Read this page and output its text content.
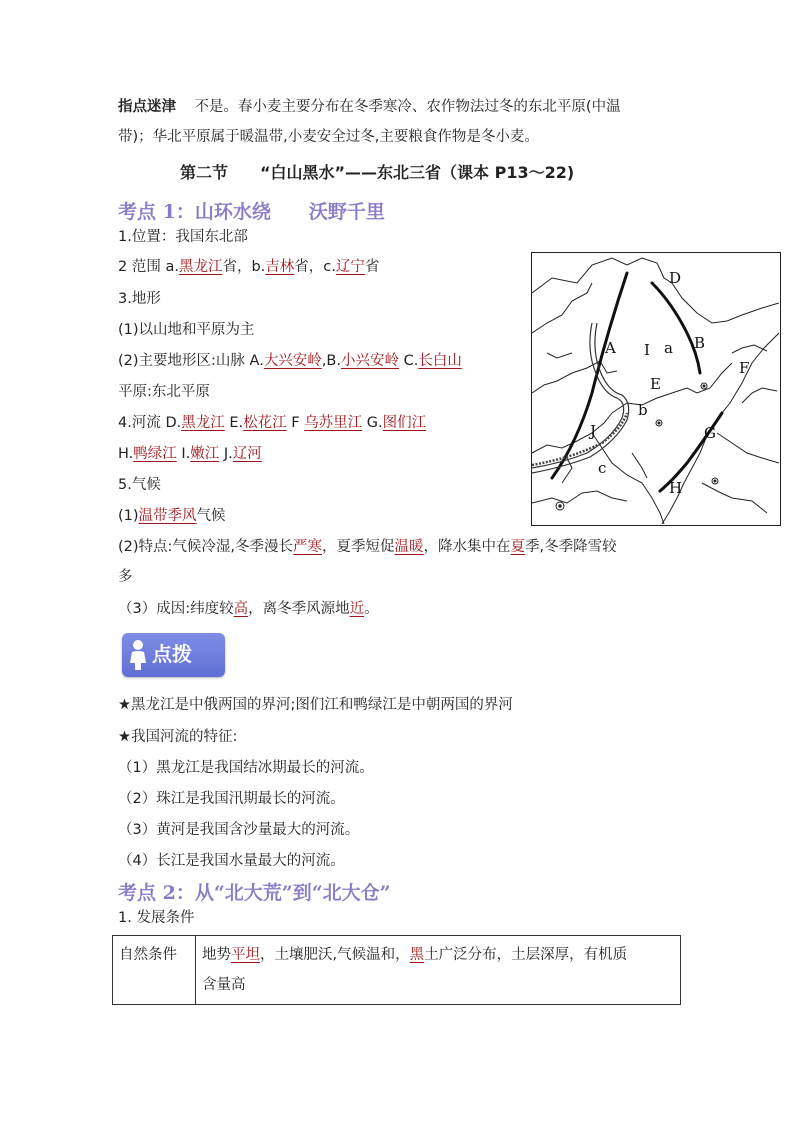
指点迷津 不是。春小麦主要分布在冬季寒冷、农作物法过冬的东北平原(中温
带)；华北平原属于暖温带,小麦安全过冬,主要粮食作物是冬小麦。
第二节　　“白山黑水”——东北三省（课本 P13～22)
考点 1：山环水绕　　沃野千里
1.位置：我国东北部
2 范围 a.黑龙江省，b.吉林省，c.辽宁省
3.地形
(1)以山地和平原为主
(2)主要地形区:山脉 A.大兴安岭,B.小兴安岭 C.长白山
平原:东北平原
4.河流 D.黑龙江 E.松花江 F 乌苏里江 G.图们江
H.鸭绿江 I.嫩江 J.辽河
5.气候
(1)温带季风气候
(2)特点:气候冷湿,冬季漫长严寒，夏季短促温暖，降水集中在夏季,冬季降雪较
多
（3）成因:纬度较高，离冬季风源地近。
点拨
★黑龙江是中俄两国的界河;图们江和鸭绿江是中朝两国的界河
★我国河流的特征:
（1）黑龙江是我国结冰期最长的河流。
（2）珠江是我国汛期最长的河流。
（3）黄河是我国含沙量最大的河流。
（4）长江是我国水量最大的河流。
考点 2：从“北大荒”到“北大仓”
1. 发展条件
自然条件	地势平坦，土壤肥沃,气候温和，黑土广泛分布，土层深厚，有机质
含量高
D
B
F
A I a
E
b
J	G
c
H
